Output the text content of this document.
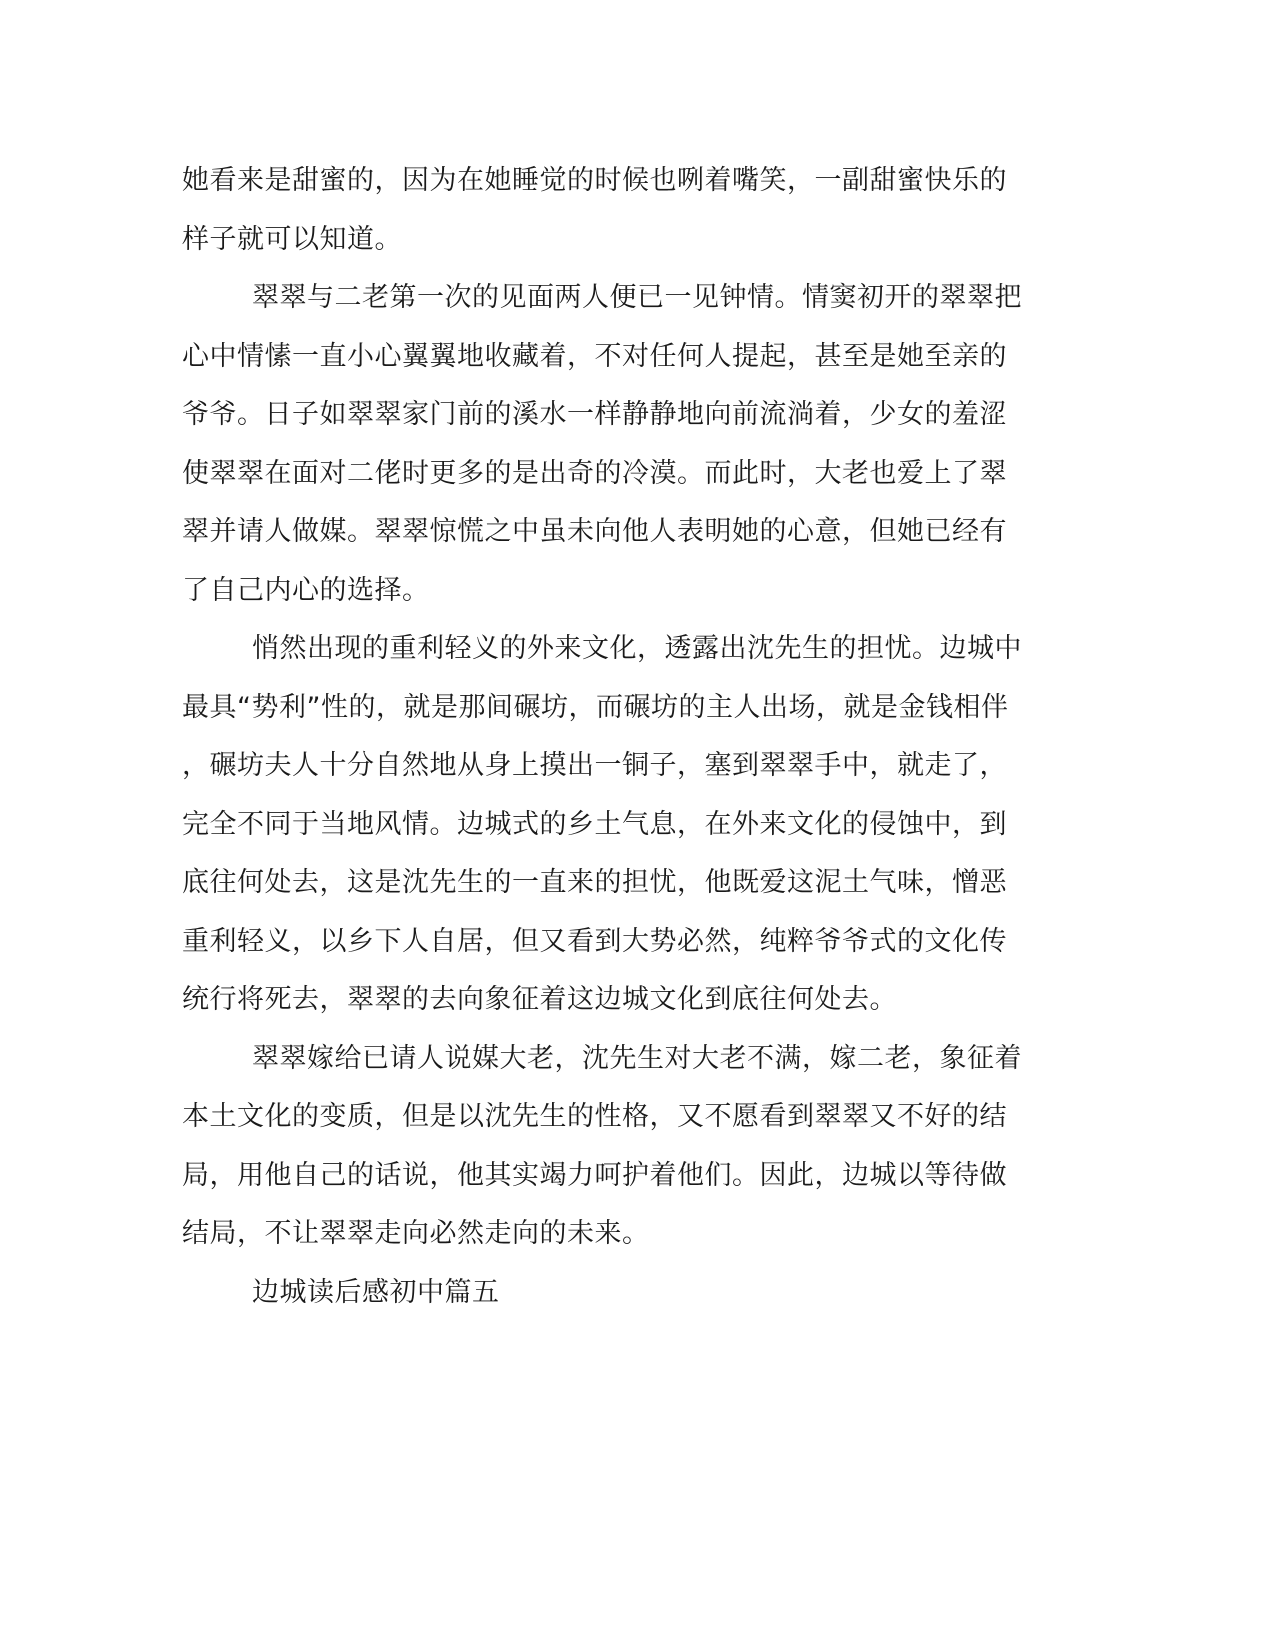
她看来是甜蜜的，因为在她睡觉的时候也咧着嘴笑，一副甜蜜快乐的
样子就可以知道。
翠翠与二老第一次的见面两人便已一见钟情。情窦初开的翠翠把
心中情愫一直小心翼翼地收藏着，不对任何人提起，甚至是她至亲的
爷爷。日子如翠翠家门前的溪水一样静静地向前流淌着，少女的羞涩
使翠翠在面对二佬时更多的是出奇的冷漠。而此时，大老也爱上了翠
翠并请人做媒。翠翠惊慌之中虽未向他人表明她的心意，但她已经有
了自己内心的选择。
悄然出现的重利轻义的外来文化，透露出沈先生的担忧。边城中
最具“势利”性的，就是那间碾坊，而碾坊的主人出场，就是金钱相伴
，碾坊夫人十分自然地从身上摸出一铜子，塞到翠翠手中，就走了，
完全不同于当地风情。边城式的乡土气息，在外来文化的侵蚀中，到
底往何处去，这是沈先生的一直来的担忧，他既爱这泥土气味，憎恶
重利轻义，以乡下人自居，但又看到大势必然，纯粹爷爷式的文化传
统行将死去，翠翠的去向象征着这边城文化到底往何处去。
翠翠嫁给已请人说媒大老，沈先生对大老不满，嫁二老，象征着
本土文化的变质，但是以沈先生的性格，又不愿看到翠翠又不好的结
局，用他自己的话说，他其实竭力呵护着他们。因此，边城以等待做
结局，不让翠翠走向必然走向的未来。
边城读后感初中篇五
